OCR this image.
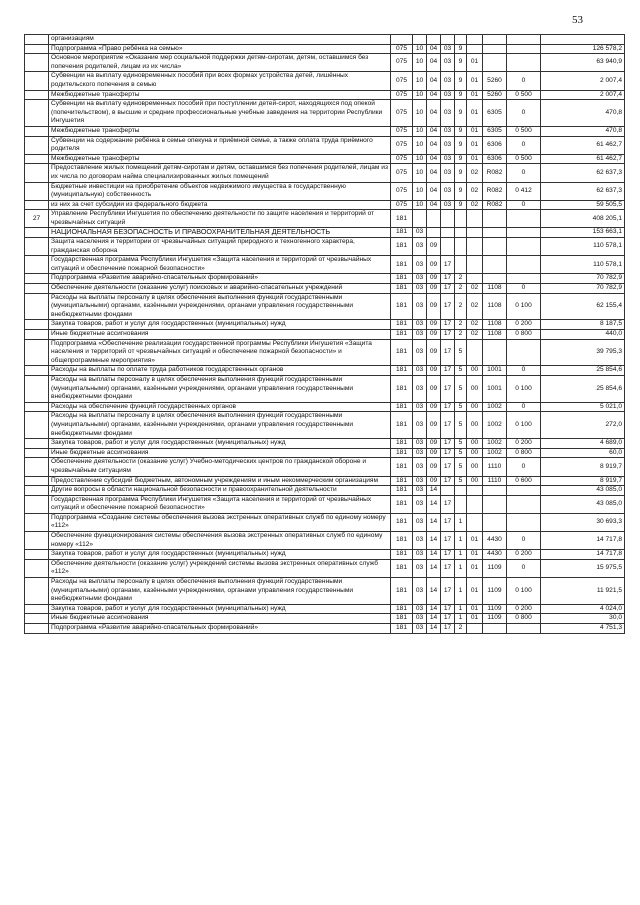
53
	организациям									
	Подпрограмма «Право ребёнка на семью»	075	10	04	03	9				126 578,2
	Основное мероприятие «Оказание мер социальной поддержки детям-сиротам, детям, оставшимся без попечения родителей, лицам из их числа»	075	10	04	03	9	01			63 940,9
	Субвенции на выплату единовременных пособий при всех формах устройства детей, лишённых родительского попечения в семью	075	10	04	03	9	01	5260	0	2 007,4
	Межбюджетные трансферты	075	10	04	03	9	01	5260	0 500	2 007,4
	Субвенции на выплату единовременных пособий при поступлении детей-сирот, находящихся под опекой (попечительством), в высшие и средние профессиональные учебные заведения на территории Республики Ингушетия	075	10	04	03	9	01	6305	0	470,8
	Межбюджетные трансферты	075	10	04	03	9	01	6305	0 500	470,8
	Субвенции на содержание ребёнка в семье опекуна и приёмной семье, а также оплата труда приёмного родителя	075	10	04	03	9	01	6306	0	61 462,7
	Межбюджетные трансферты	075	10	04	03	9	01	6306	0 500	61 462,7
	Предоставление жилых помещений детям-сиротам и детям, оставшимся без попечения родителей, лицам из их числа по договорам найма специализированных жилых помещений	075	10	04	03	9	02	R082	0	62 637,3
	Бюджетные инвестиции на приобретение объектов недвижимого имущества в государственную (муниципальную) собственность	075	10	04	03	9	02	R082	0 412	62 637,3
	из них за счет субсидии из федерального бюджета	075	10	04	03	9	02	R082	0	59 505,5
27	Управление Республики Ингушетия по обеспечению деятельности по защите населения и территорий от чрезвычайных ситуаций	181								408 205,1
	НАЦИОНАЛЬНАЯ БЕЗОПАСНОСТЬ И ПРАВООХРАНИТЕЛЬНАЯ ДЕЯТЕЛЬНОСТЬ	181	03							153 663,1
	Защита населения и территории от чрезвычайных ситуаций природного и техногенного характера, гражданская оборона	181	03	09						110 578,1
	Государственная программа Республики Ингушетия «Защита населения и территорий от чрезвычайных ситуаций и обеспечение пожарной безопасности»	181	03	09	17					110 578,1
	Подпрограмма «Развитие аварийно-спасательных формирований»	181	03	09	17	2				70 782,9
	Обеспечение деятельности (оказание услуг) поисковых и аварийно-спасательных учреждений	181	03	09	17	2	02	1108	0	70 782,9
	Расходы на выплаты персоналу в целях обеспечения выполнения функций государственными (муниципальными) органами, казёнными учреждениями, органами управления государственными внебюджетными фондами	181	03	09	17	2	02	1108	0 100	62 155,4
	Закупка товаров, работ и услуг для государственных (муниципальных) нужд	181	03	09	17	2	02	1108	0 200	8 187,5
	Иные бюджетные ассигнования	181	03	09	17	2	02	1108	0 800	440,0
	Подпрограмма «Обеспечение реализации государственной программы Республики Ингушетия «Защита населения и территорий от чрезвычайных ситуаций и обеспечение пожарной безопасности» и общепрограммные мероприятия»	181	03	09	17	5				39 795,3
	Расходы на выплаты по оплате труда работников государственных органов	181	03	09	17	5	00	1001	0	25 854,6
	Расходы на выплаты персоналу в целях обеспечения выполнения функций государственными (муниципальными) органами, казёнными учреждениями, органами управления государственными внебюджетными фондами	181	03	09	17	5	00	1001	0 100	25 854,6
	Расходы на обеспечение функций государственных органов	181	03	09	17	5	00	1002	0	5 021,0
	Расходы на выплаты персоналу в целях обеспечения выполнения функций государственными (муниципальными) органами, казёнными учреждениями, органами управления государственными внебюджетными фондами	181	03	09	17	5	00	1002	0 100	272,0
	Закупка товаров, работ и услуг для государственных (муниципальных) нужд	181	03	09	17	5	00	1002	0 200	4 689,0
	Иные бюджетные ассигнования	181	03	09	17	5	00	1002	0 800	60,0
	Обеспечение деятельности (оказание услуг) Учебно-методических центров по гражданской обороне и чрезвычайным ситуациям	181	03	09	17	5	00	1110	0	8 919,7
	Предоставление субсидий бюджетным, автономным учреждениям и иным некоммерческим организациям	181	03	09	17	5	00	1110	0 600	8 919,7
	Другие вопросы в области национальной безопасности и правоохранительной деятельности	181	03	14						43 085,0
	Государственная программа Республики Ингушетия «Защита населения и территорий от чрезвычайных ситуаций и обеспечение пожарной безопасности»	181	03	14	17					43 085,0
	Подпрограмма «Создание системы обеспечения вызова экстренных оперативных служб по единому номеру «112»	181	03	14	17	1				30 693,3
	Обеспечение функционирования системы обеспечения вызова экстренных оперативных служб по единому номеру «112»	181	03	14	17	1	01	4430	0	14 717,8
	Закупка товаров, работ и услуг для государственных (муниципальных) нужд	181	03	14	17	1	01	4430	0 200	14 717,8
	Обеспечение деятельности (оказание услуг) учреждений системы вызова экстренных оперативных служб «112»	181	03	14	17	1	01	1109	0	15 975,5
	Расходы на выплаты персоналу в целях обеспечения выполнения функций государственными (муниципальными) органами, казёнными учреждениями, органами управления государственными внебюджетными фондами	181	03	14	17	1	01	1109	0 100	11 921,5
	Закупка товаров, работ и услуг для государственных (муниципальных) нужд	181	03	14	17	1	01	1109	0 200	4 024,0
	Иные бюджетные ассигнования	181	03	14	17	1	01	1109	0 800	30,0
	Подпрограмма «Развитие аварийно-спасательных формирований»	181	03	14	17	2				4 751,3
